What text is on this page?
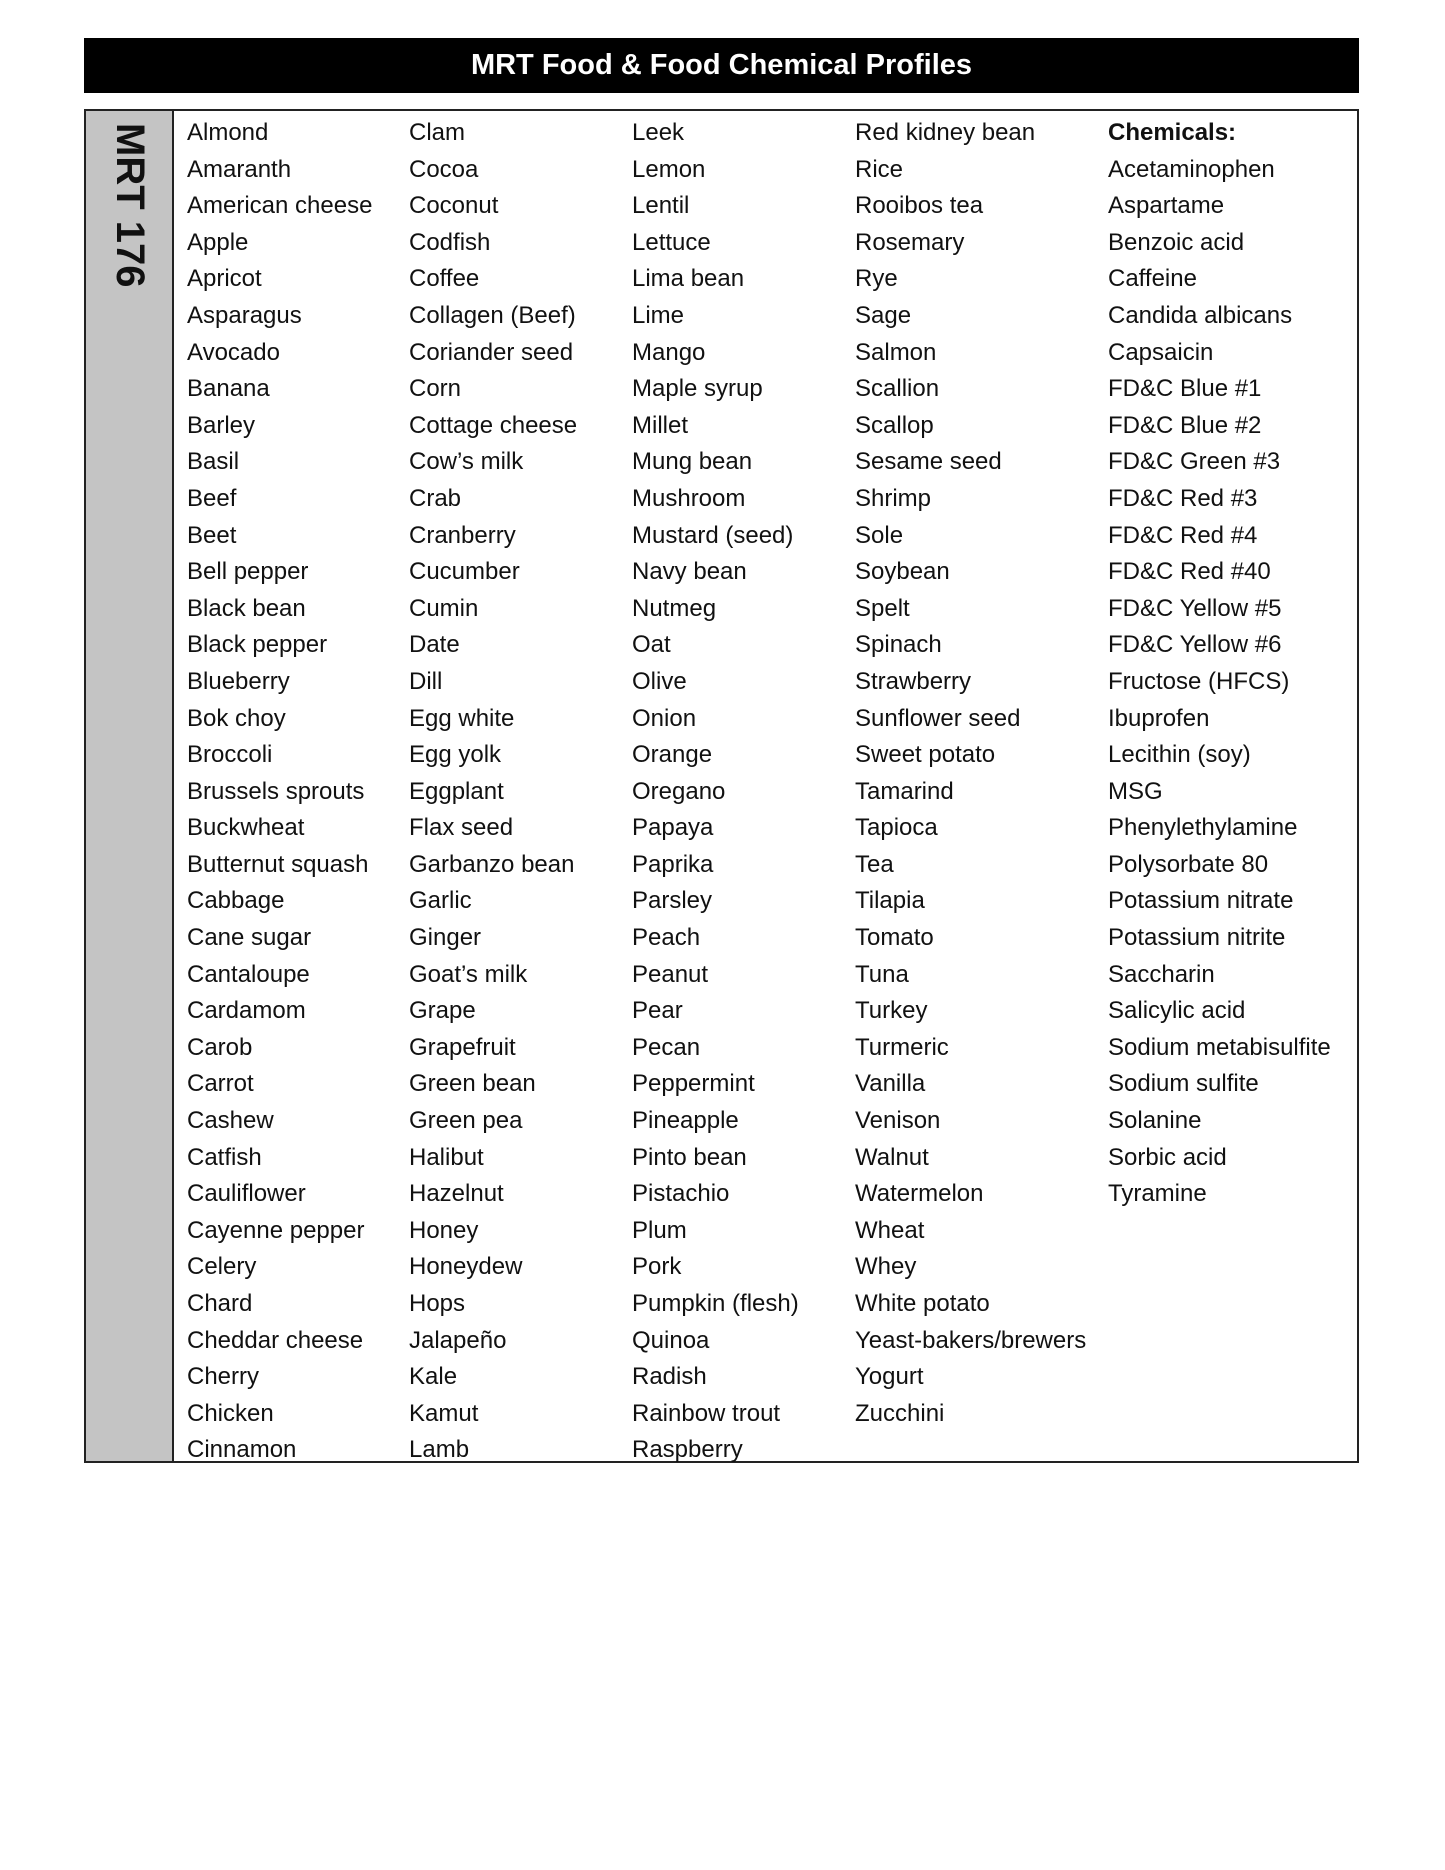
MRT Food & Food Chemical Profiles
MRT 176 Almond
Amaranth
American cheese
Apple
Apricot
Asparagus
Avocado
Banana
Barley
Basil
Beef
Beet
Bell pepper
Black bean
Black pepper
Blueberry
Bok choy
Broccoli
Brussels sprouts
Buckwheat
Butternut squash
Cabbage
Cane sugar
Cantaloupe
Cardamom
Carob
Carrot
Cashew
Catfish
Cauliflower
Cayenne pepper
Celery
Chard
Cheddar cheese
Cherry
Chicken
Cinnamon
Clam
Cocoa
Coconut
Codfish
Coffee
Collagen (Beef)
Coriander seed
Corn
Cottage cheese
Cow’s milk
Crab
Cranberry
Cucumber
Cumin
Date
Dill
Egg white
Egg yolk
Eggplant
Flax seed
Garbanzo bean
Garlic
Ginger
Goat’s milk
Grape
Grapefruit
Green bean
Green pea
Halibut
Hazelnut
Honey
Honeydew
Hops
Jalapeño
Kale
Kamut
Lamb
Leek
Lemon
Lentil
Lettuce
Lima bean
Lime
Mango
Maple syrup
Millet
Mung bean
Mushroom
Mustard (seed)
Navy bean
Nutmeg
Oat
Olive
Onion
Orange
Oregano
Papaya
Paprika
Parsley
Peach
Peanut
Pear
Pecan
Peppermint
Pineapple
Pinto bean
Pistachio
Plum
Pork
Pumpkin (flesh)
Quinoa
Radish
Rainbow trout
Raspberry
Red kidney bean
Rice
Rooibos tea
Rosemary
Rye
Sage
Salmon
Scallion
Scallop
Sesame seed
Shrimp
Sole
Soybean
Spelt
Spinach
Strawberry
Sunflower seed
Sweet potato
Tamarind
Tapioca
Tea
Tilapia
Tomato
Tuna
Turkey
Turmeric
Vanilla
Venison
Walnut
Watermelon
Wheat
Whey
White potato
Yeast-bakers/brewers
Yogurt
Zucchini
Chemicals:
Acetaminophen
Aspartame
Benzoic acid
Caffeine
Candida albicans
Capsaicin
FD&C Blue #1
FD&C Blue #2
FD&C Green #3
FD&C Red #3
FD&C Red #4
FD&C Red #40
FD&C Yellow #5
FD&C Yellow #6
Fructose (HFCS)
Ibuprofen
Lecithin (soy)
MSG
Phenylethylamine
Polysorbate 80
Potassium nitrate
Potassium nitrite
Saccharin
Salicylic acid
Sodium metabisulfite
Sodium sulfite
Solanine
Sorbic acid
Tyramine
